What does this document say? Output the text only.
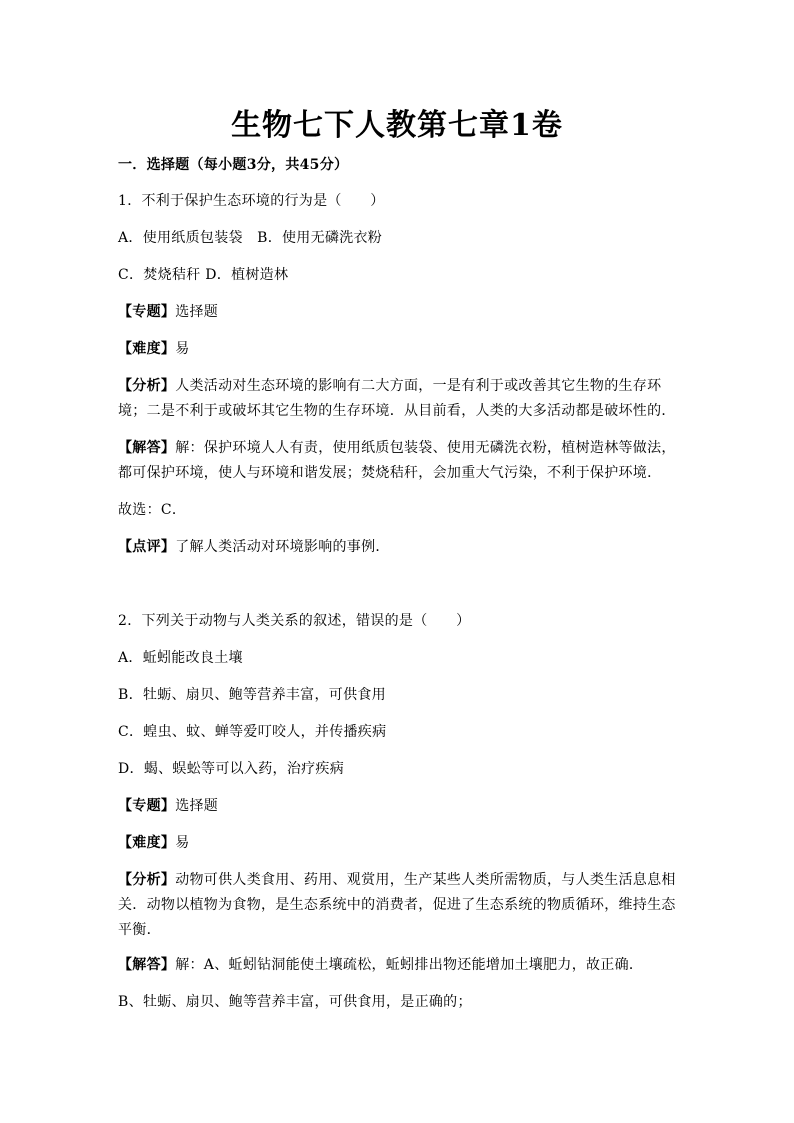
生物七下人教第七章1卷
一．选择题（每小题3分，共45分）
1．不利于保护生态环境的行为是（　　）
A．使用纸质包装袋　B．使用无磷洗衣粉
C．焚烧秸秆 D．植树造林
【专题】选择题
【难度】易
【分析】人类活动对生态环境的影响有二大方面，一是有利于或改善其它生物的生存环境；二是不利于或破坏其它生物的生存环境．从目前看，人类的大多活动都是破坏性的．
【解答】解：保护环境人人有责，使用纸质包装袋、使用无磷洗衣粉，植树造林等做法，都可保护环境，使人与环境和谐发展；焚烧秸秆，会加重大气污染，不利于保护环境．
故选：C．
【点评】了解人类活动对环境影响的事例．
2．下列关于动物与人类关系的叙述，错误的是（　　）
A．蚯蚓能改良土壤
B．牡蛎、扇贝、鲍等营养丰富，可供食用
C．蝗虫、蚊、蝉等爱叮咬人，并传播疾病
D．蝎、蜈蚣等可以入药，治疗疾病
【专题】选择题
【难度】易
【分析】动物可供人类食用、药用、观赏用，生产某些人类所需物质，与人类生活息息相关．动物以植物为食物，是生态系统中的消费者，促进了生态系统的物质循环，维持生态平衡．
【解答】解：A、蚯蚓钻洞能使土壤疏松，蚯蚓排出物还能增加土壤肥力，故正确．
B、牡蛎、扇贝、鲍等营养丰富，可供食用，是正确的；
